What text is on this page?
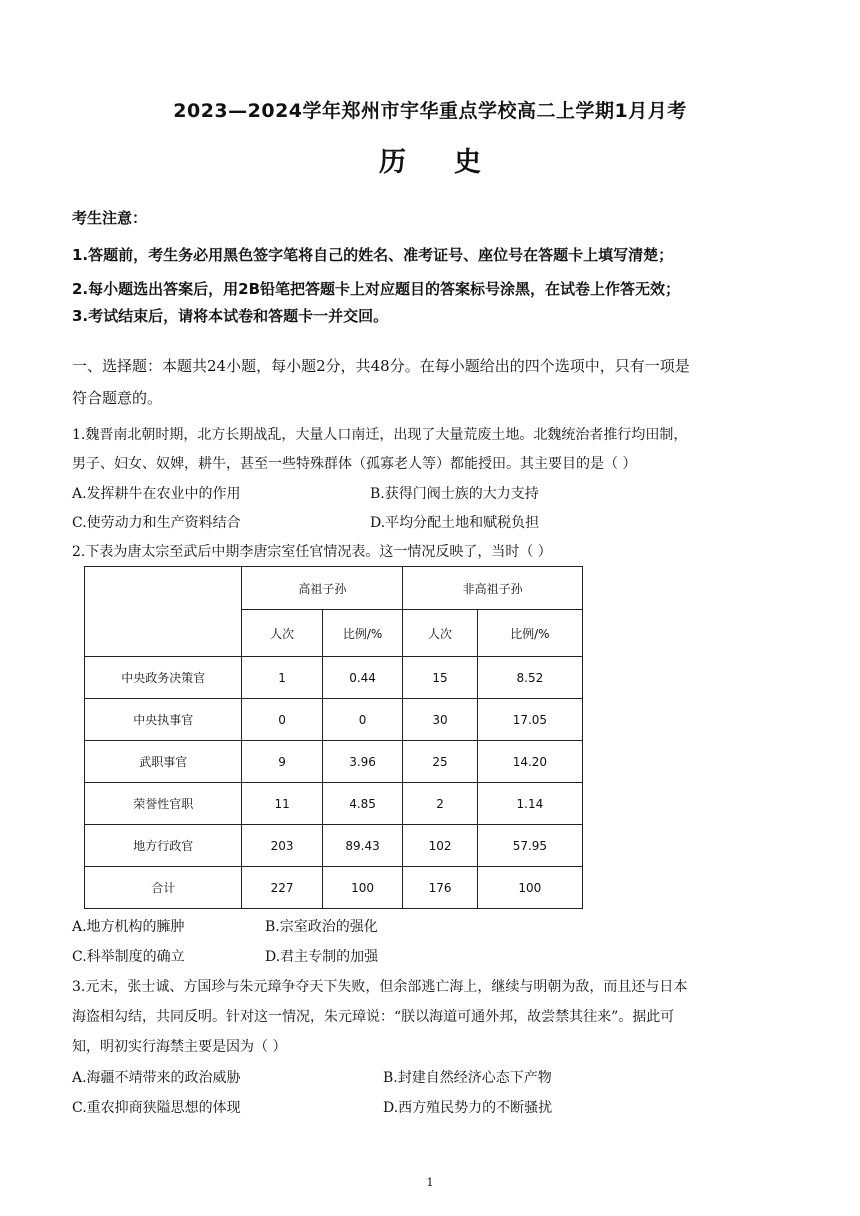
2023—2024学年郑州市宇华重点学校高二上学期1月月考
历史
考生注意：
1.答题前，考生务必用黑色签字笔将自己的姓名、准考证号、座位号在答题卡上填写清楚；
2.每小题选出答案后，用2B铅笔把答题卡上对应题目的答案标号涂黑，在试卷上作答无效；
3.考试结束后，请将本试卷和答题卡一并交回。
一、选择题：本题共24小题，每小题2分，共48分。在每小题给出的四个选项中，只有一项是
符合题意的。
1.魏晋南北朝时期，北方长期战乱，大量人口南迁，出现了大量荒废土地。北魏统治者推行均田制，
男子、妇女、奴婢，耕牛，甚至一些特殊群体（孤寡老人等）都能授田。其主要目的是（ ）
A.发挥耕牛在农业中的作用	B.获得门阀士族的大力支持
C.使劳动力和生产资料结合	D.平均分配土地和赋税负担
2.下表为唐太宗至武后中期李唐宗室任官情况表。这一情况反映了，当时（ ）
	高祖子孙		非高祖子孙	
	人次	比例/%	人次	比例/%
中央政务决策官	1	0.44	15	8.52
中央执事官	0	0	30	17.05
武职事官	9	3.96	25	14.20
荣誉性官职	11	4.85	2	1.14
地方行政官	203	89.43	102	57.95
合计	227	100	176	100
A.地方机构的臃肿	B.宗室政治的强化
C.科举制度的确立	D.君主专制的加强
3.元末，张士诚、方国珍与朱元璋争夺天下失败，但余部逃亡海上，继续与明朝为敌，而且还与日本
海盗相勾结，共同反明。针对这一情况，朱元璋说：“朕以海道可通外邦，故尝禁其往来”。据此可
知，明初实行海禁主要是因为（ ）
A.海疆不靖带来的政治威胁	B.封建自然经济心态下产物
C.重农抑商狭隘思想的体现	D.西方殖民势力的不断骚扰
1
